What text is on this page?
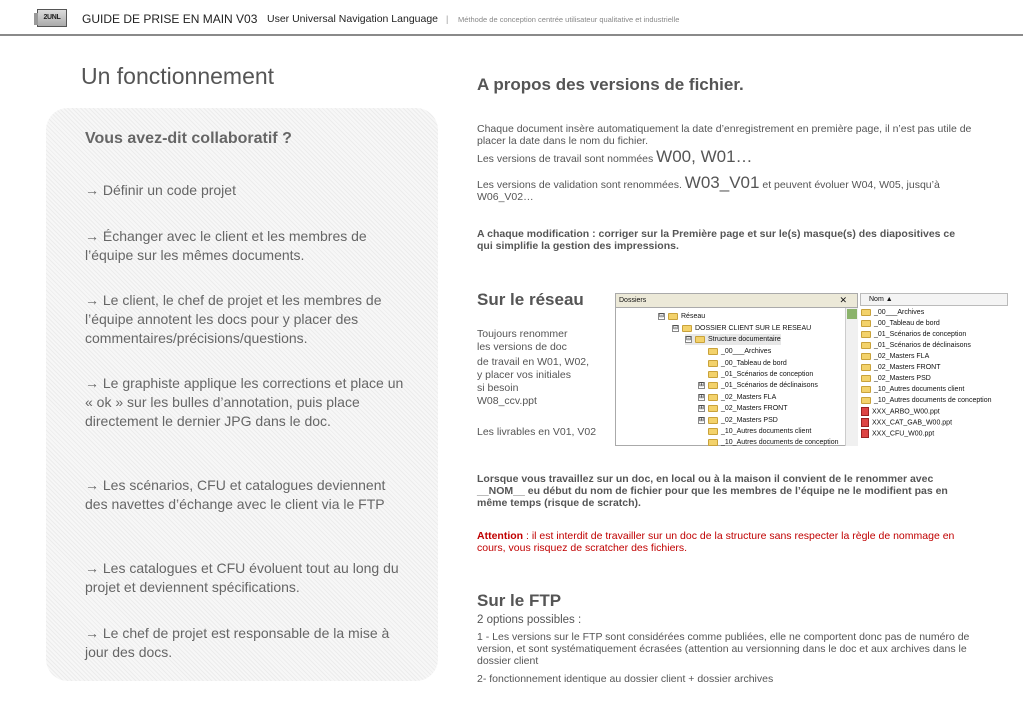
2UNL	GUIDE DE PRISE EN MAIN V03 User Universal Navigation Language | Méthode de conception centrée utilisateur qualitative et industrielle
Un fonctionnement
Vous avez-dit collaboratif ?
→ Définir un code projet
→ Échanger avec le client et les membres de l’équipe sur les mêmes documents.
→ Le client, le chef de projet et les membres de l’équipe annotent les docs pour y placer des commentaires/précisions/questions.
→ Le graphiste applique les corrections et place un « ok » sur les bulles d’annotation, puis place directement le dernier JPG dans le doc.
→ Les scénarios, CFU et catalogues deviennent des navettes d’échange avec le client via le FTP
→ Les catalogues et CFU évoluent tout au long du projet et deviennent spécifications.
→ Le chef de projet est responsable de la mise à jour des docs.
A propos des versions de fichier.
Chaque document insère automatiquement la date d’enregistrement en première page, il n’est pas utile de placer la date dans le nom du fichier.
Les versions de travail sont nommées W00, W01…
Les versions de validation sont renommées. W03_V01 et peuvent évoluer W04, W05, jusqu’à W06_V02…
A chaque modification : corriger sur la Première page et sur le(s) masque(s) des diapositives ce qui simplifie la gestion des impressions.
Sur le réseau
Toujours renommer
les versions de doc
de travail en W01, W02,
y placer vos initiales
si besoin
W08_ccv.ppt
Les livrables en V01, V02
Dossiers	✕
⊟ Réseau
⊟ DOSSIER CLIENT SUR LE RESEAU
⊟ Structure documentaire
_00___Archives
_00_Tableau de bord
_01_Scénarios de conception
⊞ _01_Scénarios de déclinaisons
⊞ _02_Masters FLA
⊞ _02_Masters FRONT
⊞ _02_Masters PSD
_10_Autres documents client
_10_Autres documents de conception
Nom ▲
_00___Archives
_00_Tableau de bord
_01_Scénarios de conception
_01_Scénarios de déclinaisons
_02_Masters FLA
_02_Masters FRONT
_02_Masters PSD
_10_Autres documents client
_10_Autres documents de conception
XXX_ARBO_W00.ppt
XXX_CAT_GAB_W00.ppt
XXX_CFU_W00.ppt
Lorsque vous travaillez sur un doc, en local ou à la maison il convient de le renommer avec __NOM__ eu début du nom de fichier pour que les membres de l’équipe ne le modifient pas en même temps (risque de scratch).
Attention : il est interdit de travailler sur un doc de la structure sans respecter la règle de nommage en cours, vous risquez de scratcher des fichiers.
Sur le FTP
2 options possibles :
1 - Les versions sur le FTP sont considérées comme publiées, elle ne comportent donc pas de numéro de version, et sont systématiquement écrasées (attention au versionning dans le doc et aux archives dans le dossier client
2- fonctionnement identique au dossier client + dossier archives
